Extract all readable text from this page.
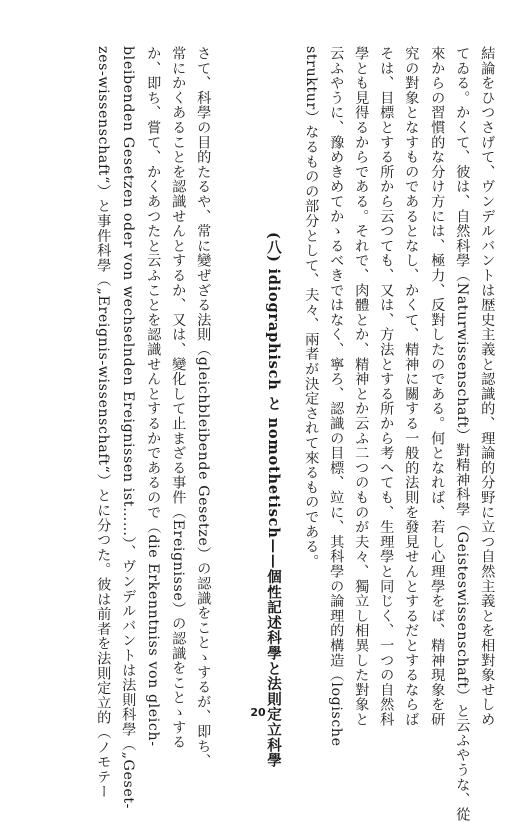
結論をひつさげて、ヴンデルバントは歴史主義と認識的、理論的分野に立つ自然主義とを相對象せしめ
てゐる。かくて、彼は、自然科學（Naturwissenschaft）對精神科學（Geisteswissenschaft）と云ふやうな、從
來からの習慣的な分け方には、極力、反對したのである。何となれば、若し心理學をば、精神現象を研
究の對象となすものであるとなし、かくて、精神に關する一般的法則を發見せんとするだとするならば
そは、目標とする所から云つても、又は、方法とする所から考へても、生理學と同じく、一つの自然科
學とも見得るからである。それで、肉體とか、精神とか云ふ二つのものが夫々、獨立し相異した對象と
云ふやうに、豫めきめてかゝるべきではなく、寧ろ、認識の目標、竝に、其科學の論理的構造（logische
struktur）なるものの部分として、夫々、兩者が決定されて來るものである。
(八) idiographisch と nomothetisch——個性記述科學と法則定立科學
さて、科學の目的たるや、常に變ぜざる法則（gleichbleibende Gesetze）の認識をことゝするが、即ち、
常にかくあることを認識せんとするか、又は、變化して止まざる事件（Ereignisse）の認識をことゝする
か、即ち、嘗て、かくあつたと云ふことを認識せんとするかであるので（die Erkenntniss von gleich-
bleibenden Gesetzen oder von wechselnden Ereignissen ist……）、ヴンデルバントは法則科學（„Geset-
zes-wissenschaft“）と事件科學（„Ereignis-wissenschaft“）とに分つた。彼は前者を法則定立的（ノモテー	20
